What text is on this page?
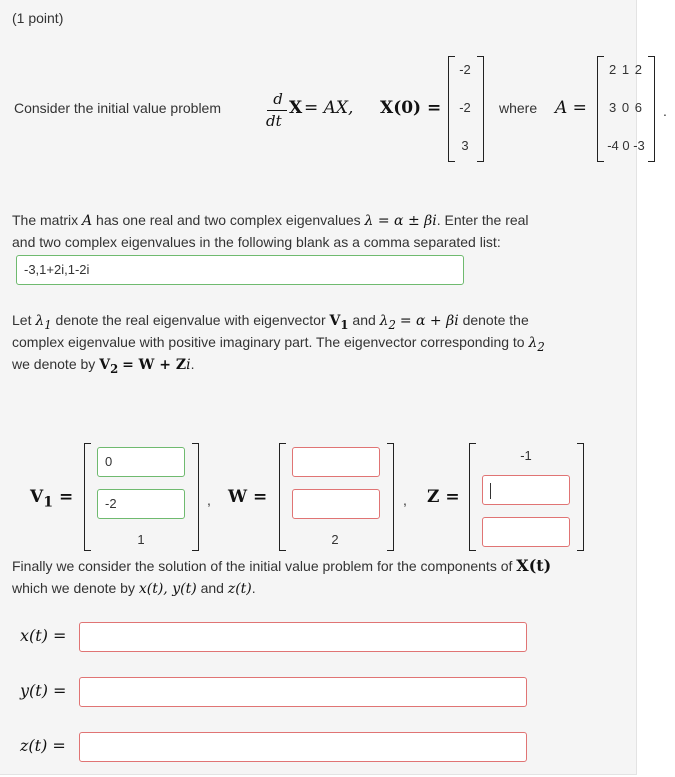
(1 point)
Consider the initial value problem	d
dt
X = AX, X(0) =
-2
-2
3
where A =
2 1 2
3 0 6
-4 0 -3
The matrix A has one real and two complex eigenvalues λ = α ± βi. Enter the real
and two complex eigenvalues in the following blank as a comma separated list:
-3,1+2i,1-2i
Let $\lambda_1$ denote the real eigenvalue with eigenvector $V_1$ and $\lambda_2 = \alpha + \beta i$ denote the
complex eigenvalue with positive imaginary part. The eigenvector corresponding to $\lambda_2$
we denote by $V_2 = W + Zi$.
$V_1$ =
0
-2
1
, W =
2
, Z =
-1
Finally we consider the solution of the initial value problem for the components of X(t)
which we denote by x(t), y(t) and z(t).
x(t) =
y(t) =
z(t) =
.
